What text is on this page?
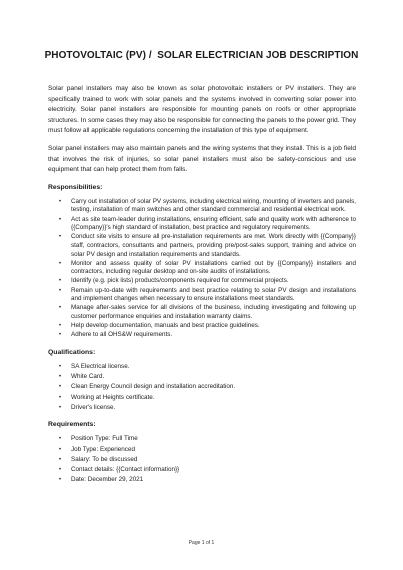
PHOTOVOLTAIC (PV) /  SOLAR ELECTRICIAN JOB DESCRIPTION

Solar panel installers may also be known as solar photovoltaic installers or PV installers. They are specifically trained to work with solar panels and the systems involved in converting solar power into electricity. Solar panel installers are responsible for mounting panels on roofs or other appropriate structures. In some cases they may also be responsible for connecting the panels to the power grid. They must follow all applicable regulations concerning the installation of this type of equipment.

Solar panel installers may also maintain panels and the wiring systems that they install. This is a job field that involves the risk of injuries, so solar panel installers must also be safety-conscious and use equipment that can help protect them from falls.

Responsibilities:
• Carry out installation of solar PV systems, including electrical wiring, mounting of inverters and panels, testing, installation of main switches and other standard commercial and residential electrical work.
• Act as site team-leader during installations, ensuring efficient, safe and quality work with adherence to {{Company}}'s high standard of installation, best practice and regulatory requirements.
• Conduct site visits to ensure all pre-installation requirements are met. Work directly with {{Company}} staff, contractors, consultants and partners, providing pre/post-sales support, training and advice on solar PV design and installation requirements and standards.
• Monitor and assess quality of solar PV installations carried out by {{Company}} installers and contractors, including regular desktop and on-site audits of installations.
• Identify (e.g. pick lists) products/components required for commercial projects.
• Remain up-to-date with requirements and best practice relating to solar PV design and installations and implement changes when necessary to ensure installations meet standards.
• Manage after-sales service for all divisions of the business, including investigating and following up customer performance enquiries and installation warranty claims.
• Help develop documentation, manuals and best practice guidelines.
• Adhere to all OHS&W requirements.
Qualifications:
• SA Electrical license.
• White Card.
• Clean Energy Council design and installation accreditation.
• Working at Heights certificate.
• Driver's license.
Requirements:
• Position Type: Full Time
• Job Type: Experienced
• Salary: To be discussed
• Contact details: {{Contact information}}
• Date: December 29, 2021
Page 1 of 1
